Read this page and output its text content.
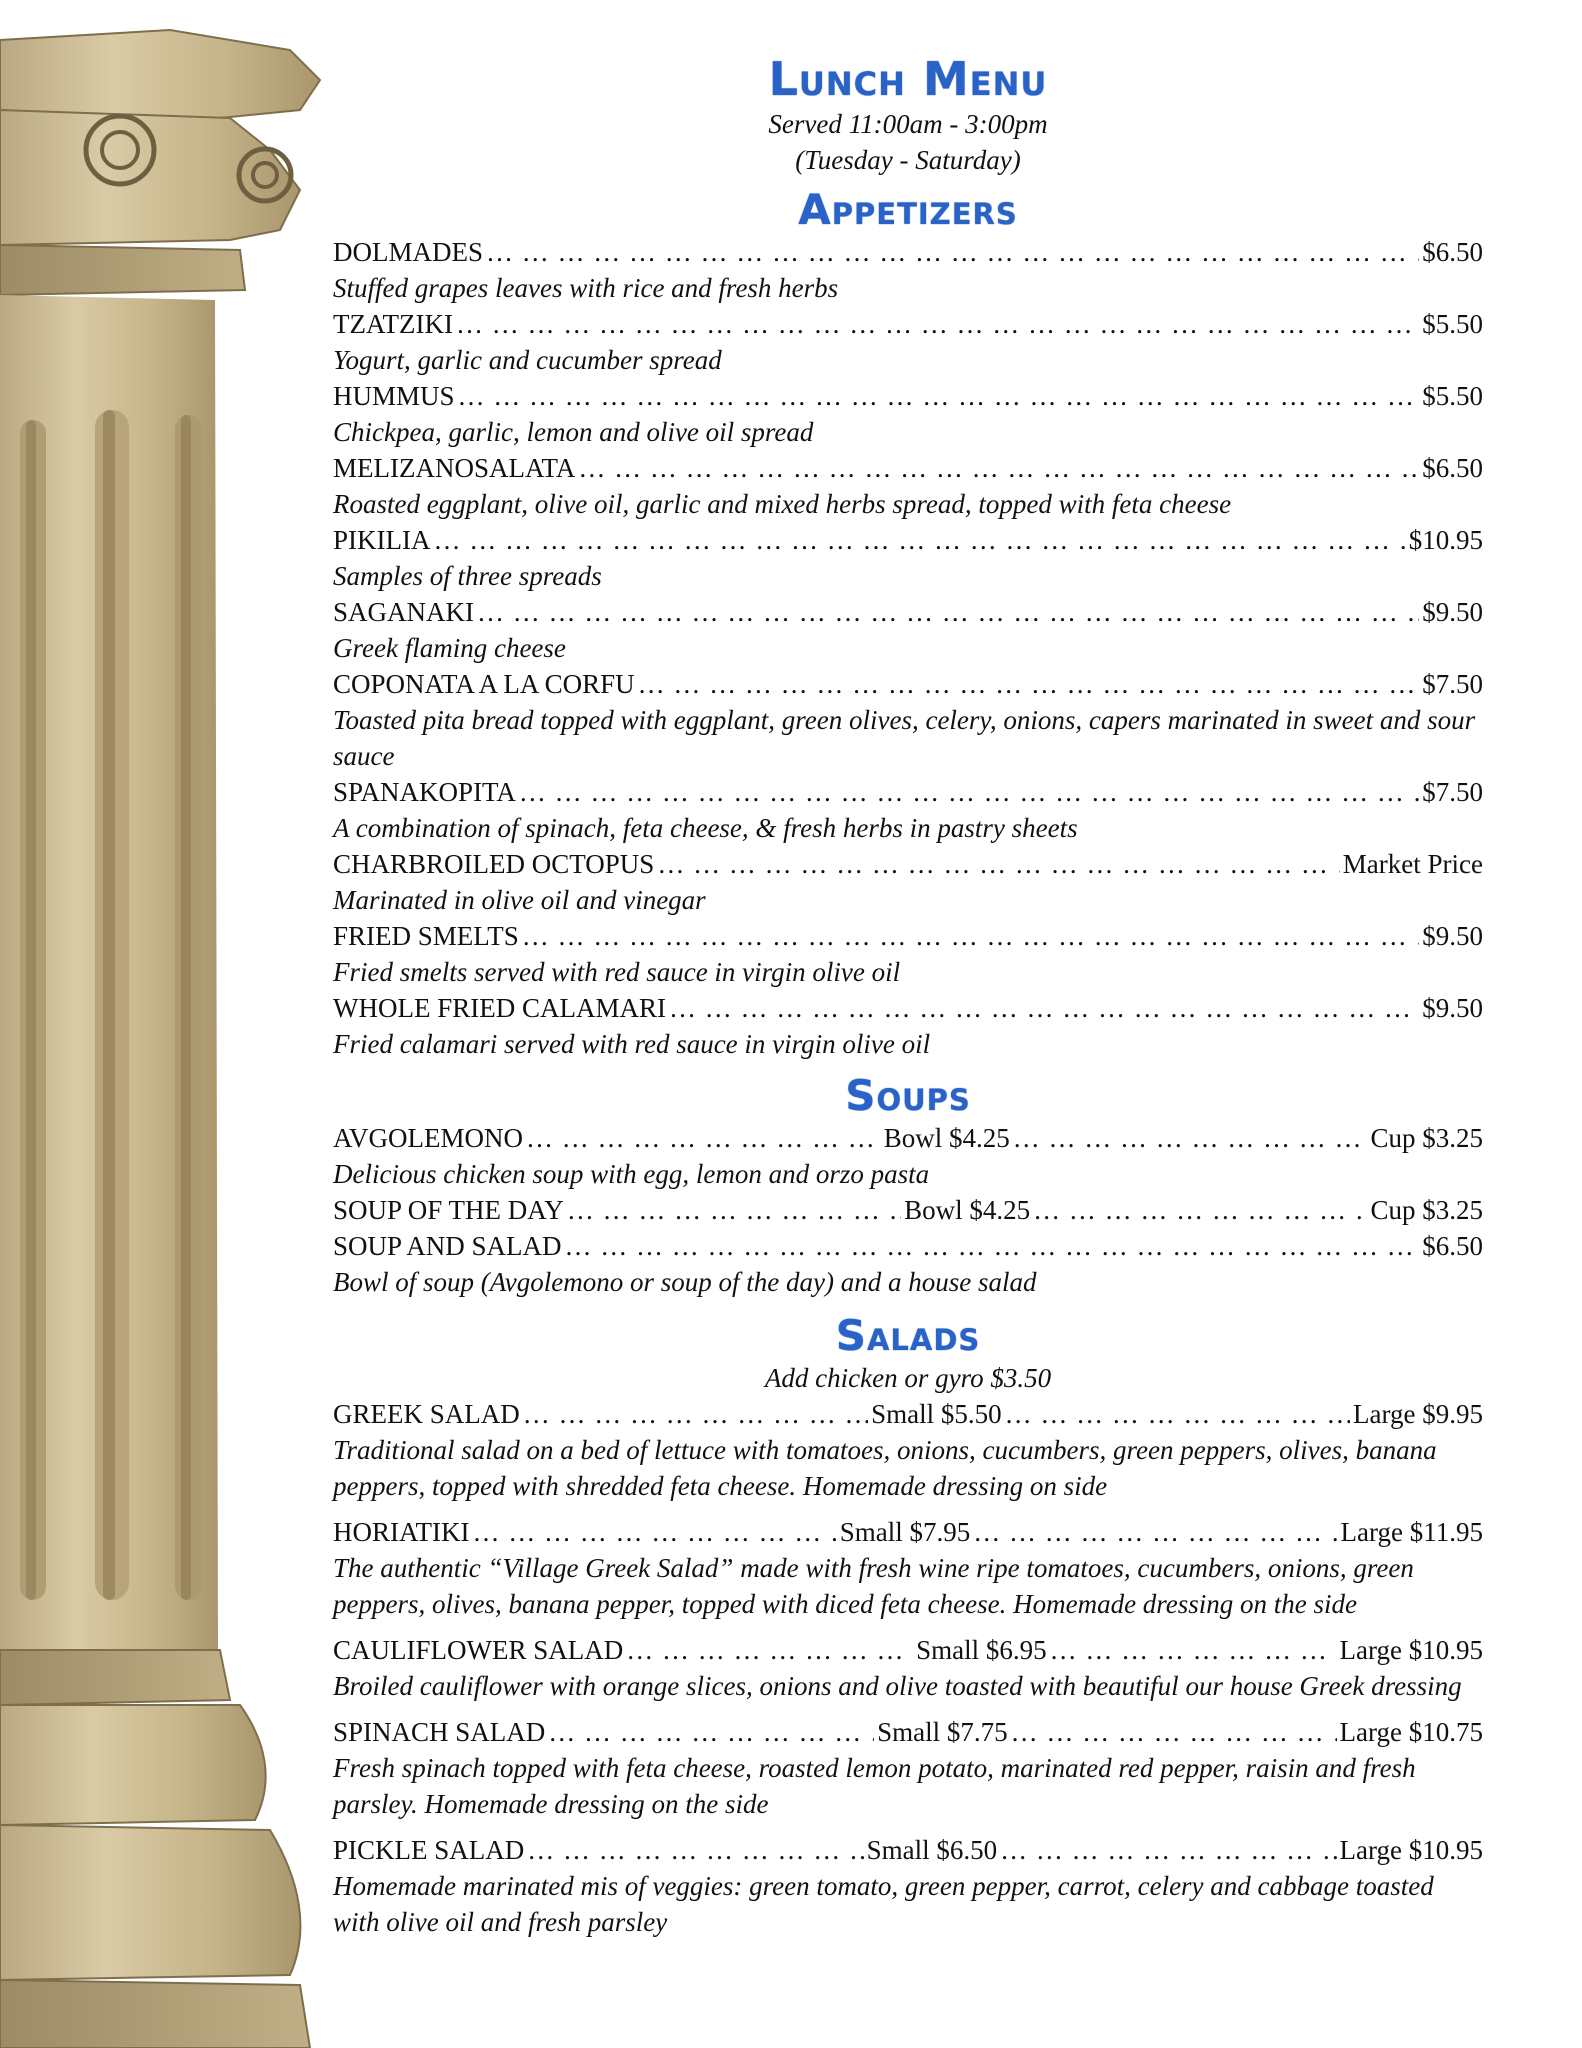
Lunch Menu
Served 11:00am - 3:00pm
(Tuesday - Saturday)
Appetizers
DOLMADES … … … … … … … … … … … … … … … … … … … … … … … … … … … … … … … … … … … … … … … … … … … … … … … … … … … … … … … … … … …	$6.50
Stuffed grapes leaves with rice and fresh herbs
TZATZIKI … … … … … … … … … … … … … … … … … … … … … … … … … … … … … … … … … … … … … … … … … … … … … … … … … … … … … … … … … … …	$5.50
Yogurt, garlic and cucumber spread
HUMMUS … … … … … … … … … … … … … … … … … … … … … … … … … … … … … … … … … … … … … … … … … … … … … … … … … … … … … … … … … … …	$5.50
Chickpea, garlic, lemon and olive oil spread
MELIZANOSALATA … … … … … … … … … … … … … … … … … … … … … … … … … … … … … … … … … … … … … … … … … … … … … … … … … … … … … … … … … … …	$6.50
Roasted eggplant, olive oil, garlic and mixed herbs spread, topped with feta cheese
PIKILIA … … … … … … … … … … … … … … … … … … … … … … … … … … … … … … … … … … … … … … … … … … … … … … … … … … … … … … … … … … …	$10.95
Samples of three spreads
SAGANAKI … … … … … … … … … … … … … … … … … … … … … … … … … … … … … … … … … … … … … … … … … … … … … … … … … … … … … … … … … … …	$9.50
Greek flaming cheese
COPONATA A LA CORFU … … … … … … … … … … … … … … … … … … … … … … … … … … … … … … … … … … … … … … … … … … … … … … … … … … … … … … … … … … …	$7.50
Toasted pita bread topped with eggplant, green olives, celery, onions, capers marinated in sweet and sour sauce
SPANAKOPITA … … … … … … … … … … … … … … … … … … … … … … … … … … … … … … … … … … … … … … … … … … … … … … … … … … … … … … … … … … …	$7.50
A combination of spinach, feta cheese, & fresh herbs in pastry sheets
CHARBROILED OCTOPUS … … … … … … … … … … … … … … … … … … … … … … … … … … … … … … … … … … … … … … … … … … … … … … … … … … … … … … … … … … …	Market Price
Marinated in olive oil and vinegar
FRIED SMELTS … … … … … … … … … … … … … … … … … … … … … … … … … … … … … … … … … … … … … … … … … … … … … … … … … … … … … … … … … … …	$9.50
Fried smelts served with red sauce in virgin olive oil
WHOLE FRIED CALAMARI … … … … … … … … … … … … … … … … … … … … … … … … … … … … … … … … … … … … … … … … … … … … … … … … … … … … … … … … … … …	$9.50
Fried calamari served with red sauce in virgin olive oil
Soups
AVGOLEMONO … … … … … … … … … … … … … … … … … … … … … … … … … … … … … … … … … … … … … … … … … … … … … … … … … … … … … … … … … … …	Bowl $4.25 … … … … … … … … … … … … … … … … … … … … … … … … … … … … … … … … … … … … … … … … … … … … … … … … … … … … … … … … … … …	Cup $3.25
Delicious chicken soup with egg, lemon and orzo pasta
SOUP OF THE DAY … … … … … … … … … … … … … … … … … … … … … … … … … … … … … … … … … … … … … … … … … … … … … … … … … … … … … … … … … … …	Bowl $4.25 … … … … … … … … … … … … … … … … … … … … … … … … … … … … … … … … … … … … … … … … … … … … … … … … … … … … … … … … … … …	Cup $3.25
SOUP AND SALAD … … … … … … … … … … … … … … … … … … … … … … … … … … … … … … … … … … … … … … … … … … … … … … … … … … … … … … … … … … …	$6.50
Bowl of soup (Avgolemono or soup of the day) and a house salad
Salads
Add chicken or gyro $3.50
GREEK SALAD … … … … … … … … … … … … … … … … … … … … … … … … … … … … … … … … … … … … … … … … … … … … … … … … … … … … … … … … … … …	Small $5.50 … … … … … … … … … … … … … … … … … … … … … … … … … … … … … … … … … … … … … … … … … … … … … … … … … … … … … … … … … … …	Large $9.95
Traditional salad on a bed of lettuce with tomatoes, onions, cucumbers, green peppers, olives, banana peppers, topped with shredded feta cheese. Homemade dressing on side
HORIATIKI … … … … … … … … … … … … … … … … … … … … … … … … … … … … … … … … … … … … … … … … … … … … … … … … … … … … … … … … … … …	Small $7.95 … … … … … … … … … … … … … … … … … … … … … … … … … … … … … … … … … … … … … … … … … … … … … … … … … … … … … … … … … … …	Large $11.95
The authentic “Village Greek Salad” made with fresh wine ripe tomatoes, cucumbers, onions, green peppers, olives, banana pepper, topped with diced feta cheese. Homemade dressing on the side
CAULIFLOWER SALAD … … … … … … … … … … … … … … … … … … … … … … … … … … … … … … … … … … … … … … … … … … … … … … … … … … … … … … … … … … …	Small $6.95 … … … … … … … … … … … … … … … … … … … … … … … … … … … … … … … … … … … … … … … … … … … … … … … … … … … … … … … … … … …	Large $10.95
Broiled cauliflower with orange slices, onions and olive toasted with beautiful our house Greek dressing
SPINACH SALAD … … … … … … … … … … … … … … … … … … … … … … … … … … … … … … … … … … … … … … … … … … … … … … … … … … … … … … … … … … …	Small $7.75 … … … … … … … … … … … … … … … … … … … … … … … … … … … … … … … … … … … … … … … … … … … … … … … … … … … … … … … … … … …	Large $10.75
Fresh spinach topped with feta cheese, roasted lemon potato, marinated red pepper, raisin and fresh parsley. Homemade dressing on the side
PICKLE SALAD … … … … … … … … … … … … … … … … … … … … … … … … … … … … … … … … … … … … … … … … … … … … … … … … … … … … … … … … … … …	Small $6.50 … … … … … … … … … … … … … … … … … … … … … … … … … … … … … … … … … … … … … … … … … … … … … … … … … … … … … … … … … … …	Large $10.95
Homemade marinated mis of veggies: green tomato, green pepper, carrot, celery and cabbage toasted with olive oil and fresh parsley
